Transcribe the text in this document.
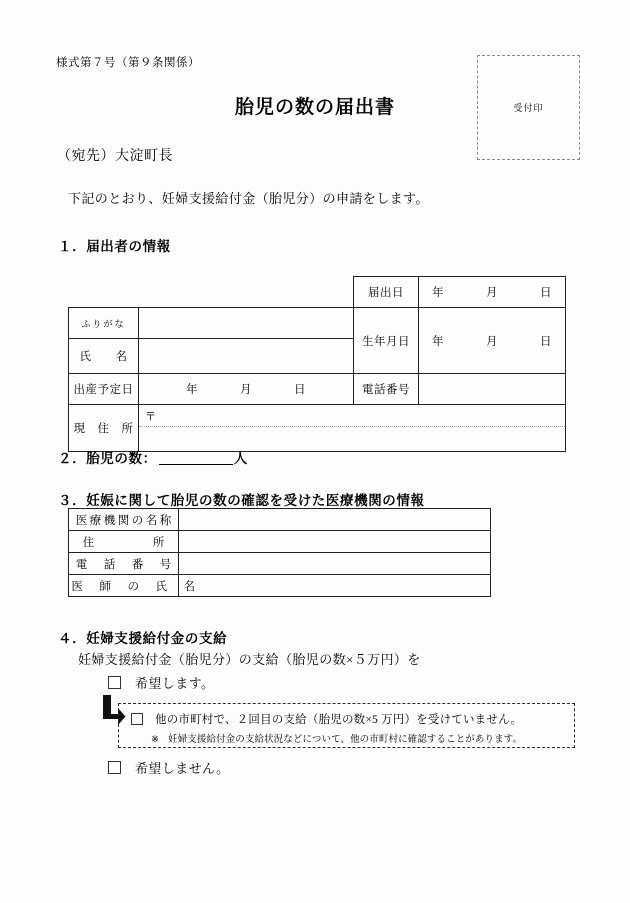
様式第７号（第９条関係）
胎児の数の届出書	受付印
（宛先）大淀町長
下記のとおり、妊婦支援給付金（胎児分）の申請をします。
１．届出者の情報
		届出日	年 月 日
ふりがな		生年月日	年 月 日
氏　　名			
出産予定日	年 月 日	電話番号	
現　住　所	〒		
２．胎児の数：	人
３．妊娠に関して胎児の数の確認を受けた医療機関の情報
医療機関の名称	
住　　　　所	
電　話　番　号	
医　師　の　氏　名	
４．妊婦支援給付金の支給
妊婦支援給付金（胎児分）の支給（胎児の数×５万円）を
希望します。
他の市町村で、２回目の支給（胎児の数×5 万円）を受けていません。
※ 妊婦支援給付金の支給状況などについて、他の市町村に確認することがあります。
希望しません。
